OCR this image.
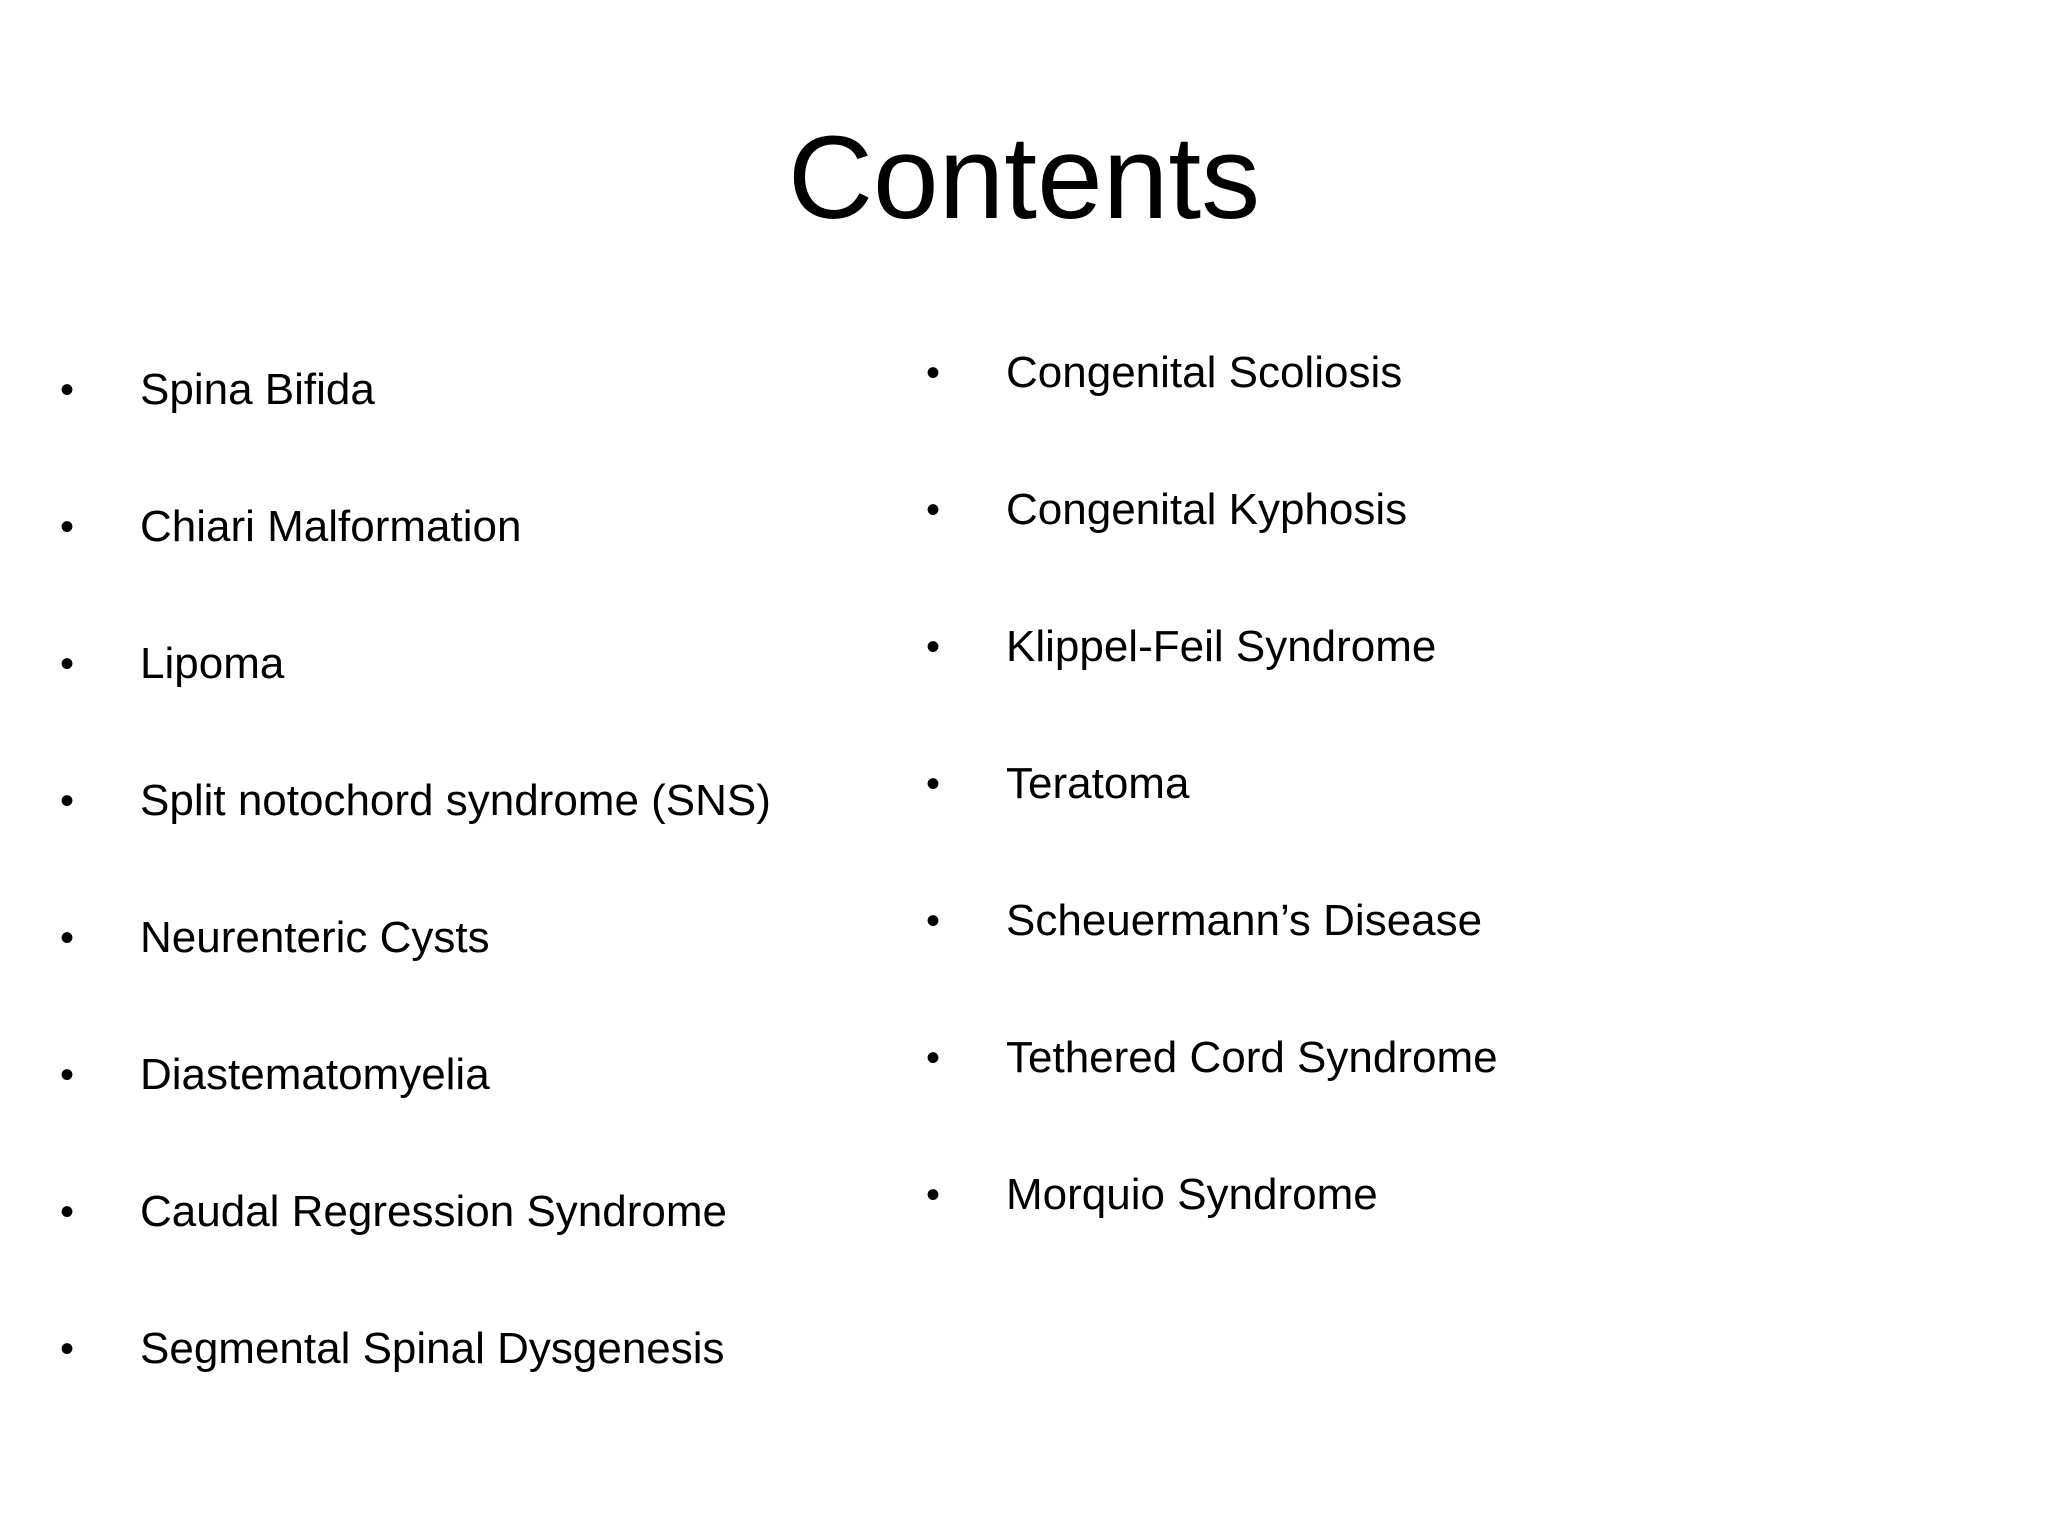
Contents
• Spina Bifida
• Chiari Malformation
• Lipoma
• Split notochord syndrome (SNS)
• Neurenteric Cysts
• Diastematomyelia
• Caudal Regression Syndrome
• Segmental Spinal Dysgenesis
• Congenital Scoliosis
• Congenital Kyphosis
• Klippel-Feil Syndrome
• Teratoma
• Scheuermann’s Disease
• Tethered Cord Syndrome
• Morquio Syndrome
